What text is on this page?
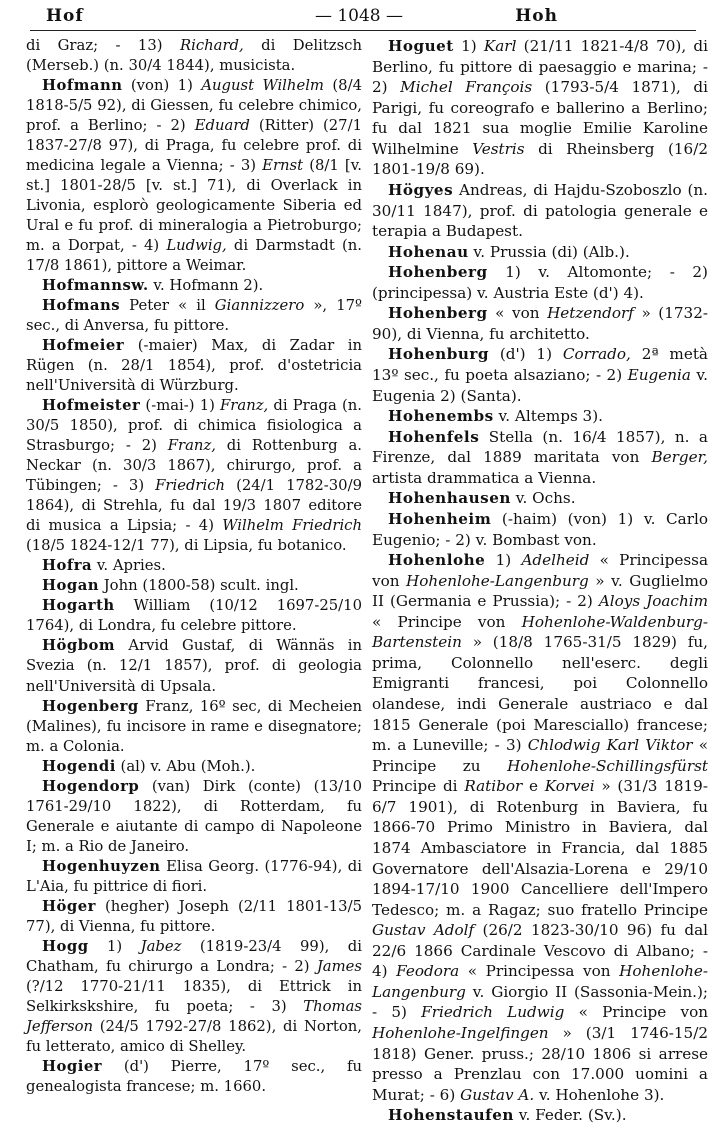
Hof	— 1048 —	Hoh

di Graz; - 13) Richard, di Delitzsch (Merseb.) (n. 30/4 1844), musicista.

Hofmann (von) 1) August Wilhelm (8/4 1818-5/5 92), di Giessen, fu celebre chimico, prof. a Berlino; - 2) Eduard (Ritter) (27/1 1837-27/8 97), di Praga, fu celebre prof. di medicina legale a Vienna; - 3) Ernst (8/1 [v. st.] 1801-28/5 [v. st.] 71), di Overlack in Livonia, esplorò geologicamente Siberia ed Ural e fu prof. di mineralogia a Pietroburgo; m. a Dorpat, - 4) Ludwig, di Darmstadt (n. 17/8 1861), pittore a Weimar.

Hofmannsw. v. Hofmann 2).

Hofmans Peter « il Giannizzero », 17º sec., di Anversa, fu pittore.

Hofmeier (-maier) Max, di Zadar in Rügen (n. 28/1 1854), prof. d'ostetricia nell'Università di Würzburg.

Hofmeister (-mai-) 1) Franz, di Praga (n. 30/5 1850), prof. di chimica fisiologica a Strasburgo; - 2) Franz, di Rottenburg a. Neckar (n. 30/3 1867), chirurgo, prof. a Tübingen; - 3) Friedrich (24/1 1782-30/9 1864), di Strehla, fu dal 19/3 1807 editore di musica a Lipsia; - 4) Wilhelm Friedrich (18/5 1824-12/1 77), di Lipsia, fu botanico.

Hofra v. Apries.

Hogan John (1800-58) scult. ingl.

Hogarth William (10/12 1697-25/10 1764), di Londra, fu celebre pittore.

Högbom Arvid Gustaf, di Wännäs in Svezia (n. 12/1 1857), prof. di geologia nell'Università di Upsala.

Hogenberg Franz, 16º sec, di Mecheien (Malines), fu incisore in rame e disegnatore; m. a Colonia.

Hogendi (al) v. Abu (Moh.).

Hogendorp (van) Dirk (conte) (13/10 1761-29/10 1822), di Rotterdam, fu Generale e aiutante di campo di Napoleone I; m. a Rio de Janeiro.

Hogenhuyzen Elisa Georg. (1776-94), di L'Aia, fu pittrice di fiori.

Höger (hegher) Joseph (2/11 1801-13/5 77), di Vienna, fu pittore.

Hogg 1) Jabez (1819-23/4 99), di Chatham, fu chirurgo a Londra; - 2) James (?/12 1770-21/11 1835), di Ettrick in Selkirkskshire, fu poeta; - 3) Thomas Jefferson (24/5 1792-27/8 1862), di Norton, fu letterato, amico di Shelley.

Hogier (d') Pierre, 17º sec., fu genealogista francese; m. 1660.

Hoguet 1) Karl (21/11 1821-4/8 70), di Berlino, fu pittore di paesaggio e marina; - 2) Michel François (1793-5/4 1871), di Parigi, fu coreografo e ballerino a Berlino; fu dal 1821 sua moglie Emilie Karoline Wilhelmine Vestris di Rheinsberg (16/2 1801-19/8 69).

Högyes Andreas, di Hajdu-Szoboszlo (n. 30/11 1847), prof. di patologia generale e terapia a Budapest.

Hohenau v. Prussia (di) (Alb.).

Hohenberg 1) v. Altomonte; - 2) (principessa) v. Austria Este (d') 4).

Hohenberg « von Hetzendorf » (1732-90), di Vienna, fu architetto.

Hohenburg (d') 1) Corrado, 2ª metà 13º sec., fu poeta alsaziano; - 2) Eugenia v. Eugenia 2) (Santa).

Hohenembs v. Altemps 3).

Hohenfels Stella (n. 16/4 1857), n. a Firenze, dal 1889 maritata von Berger, artista drammatica a Vienna.

Hohenhausen v. Ochs.

Hohenheim (-haim) (von) 1) v. Carlo Eugenio; - 2) v. Bombast von.

Hohenlohe 1) Adelheid « Principessa von Hohenlohe-Langenburg » v. Guglielmo II (Germania e Prussia); - 2) Aloys Joachim « Principe von Hohenlohe-Waldenburg-Bartenstein » (18/8 1765-31/5 1829) fu, prima, Colonnello nell'eserc. degli Emigranti francesi, poi Colonnello olandese, indi Generale austriaco e dal 1815 Generale (poi Maresciallo) francese; m. a Luneville; - 3) Chlodwig Karl Viktor « Principe zu Hohenlohe-Schillingsfürst Principe di Ratibor e Korvei » (31/3 1819-6/7 1901), di Rotenburg in Baviera, fu 1866-70 Primo Ministro in Baviera, dal 1874 Ambasciatore in Francia, dal 1885 Governatore dell'Alsazia-Lorena e 29/10 1894-17/10 1900 Cancelliere dell'Impero Tedesco; m. a Ragaz; suo fratello Principe Gustav Adolf (26/2 1823-30/10 96) fu dal 22/6 1866 Cardinale Vescovo di Albano; - 4) Feodora « Principessa von Hohenlohe-Langenburg v. Giorgio II (Sassonia-Mein.); - 5) Friedrich Ludwig « Principe von Hohenlohe-Ingelfingen » (3/1 1746-15/2 1818) Gener. pruss.; 28/10 1806 si arrese presso a Prenzlau con 17.000 uomini a Murat; - 6) Gustav A. v. Hohenlohe 3).

Hohenstaufen v. Feder. (Sv.).
